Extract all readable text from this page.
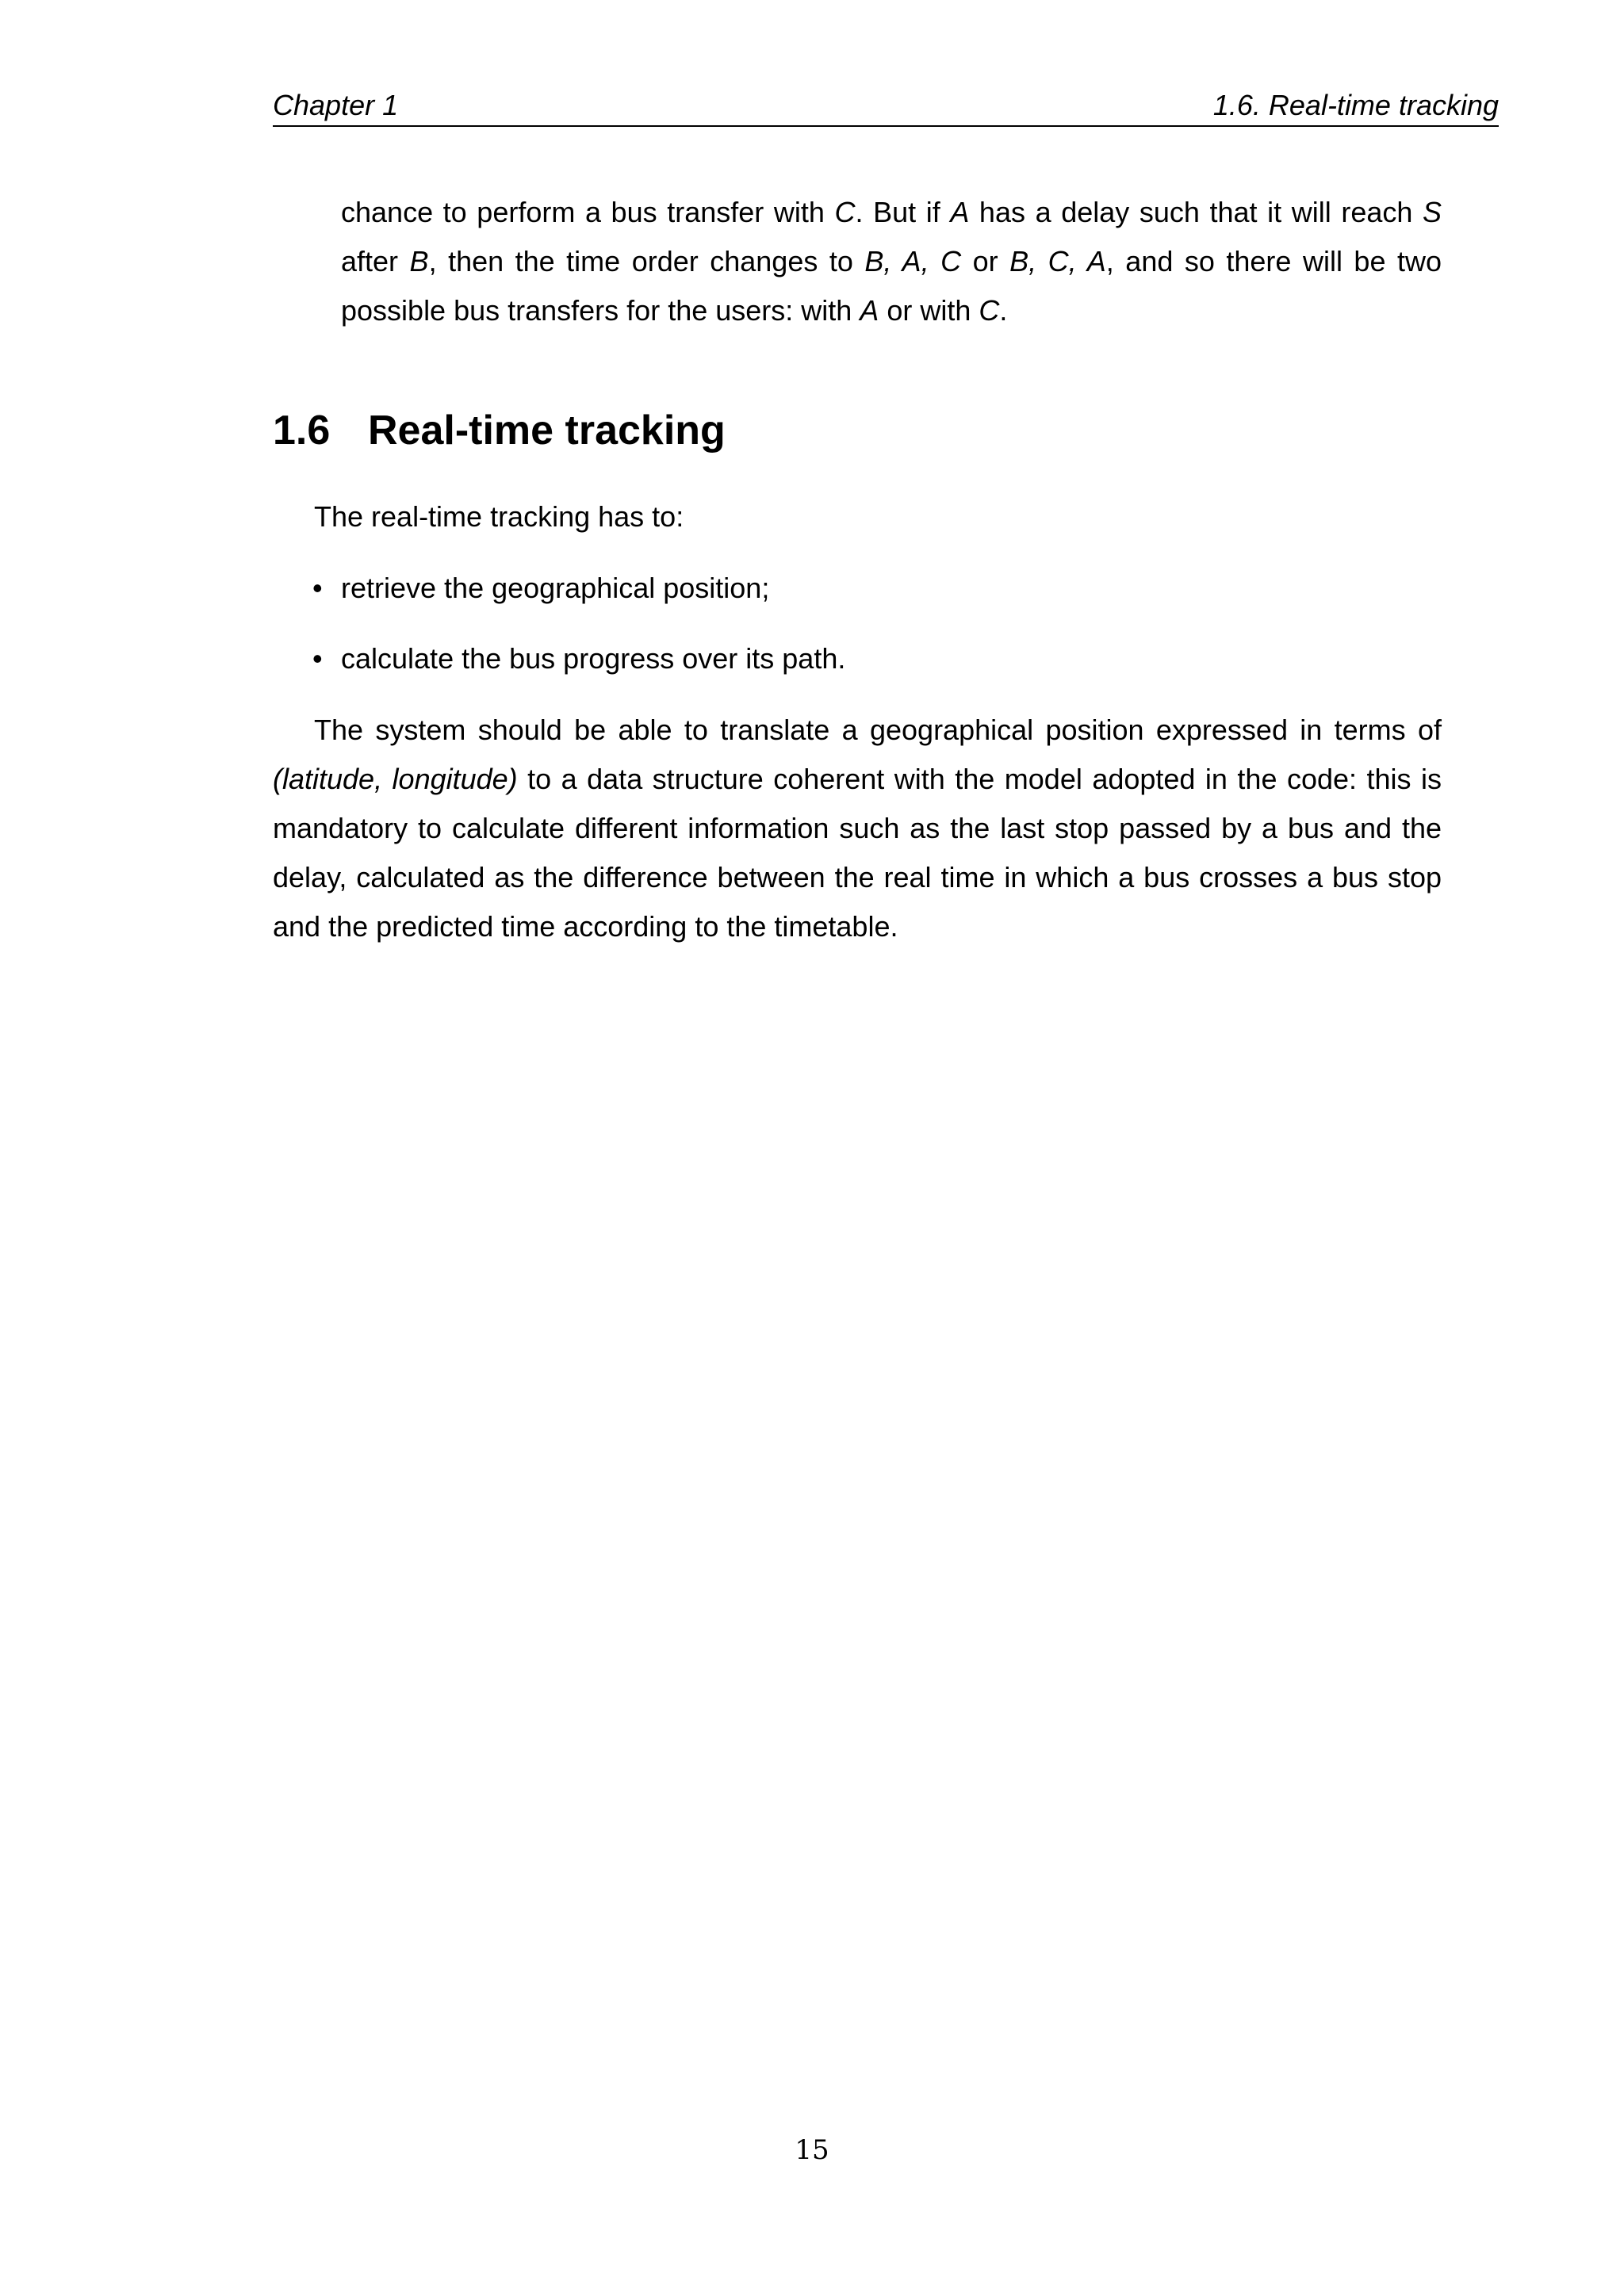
Chapter 1	1.6. Real-time tracking

chance to perform a bus transfer with C. But if A has a delay such that it will reach S after B, then the time order changes to B, A, C or B, C, A, and so there will be two possible bus transfers for the users: with A or with C.

1.6 Real-time tracking

The real-time tracking has to:

• retrieve the geographical position;
• calculate the bus progress over its path.

The system should be able to translate a geographical position expressed in terms of (latitude, longitude) to a data structure coherent with the model adopted in the code: this is mandatory to calculate different information such as the last stop passed by a bus and the delay, calculated as the difference between the real time in which a bus crosses a bus stop and the predicted time according to the timetable.

15
